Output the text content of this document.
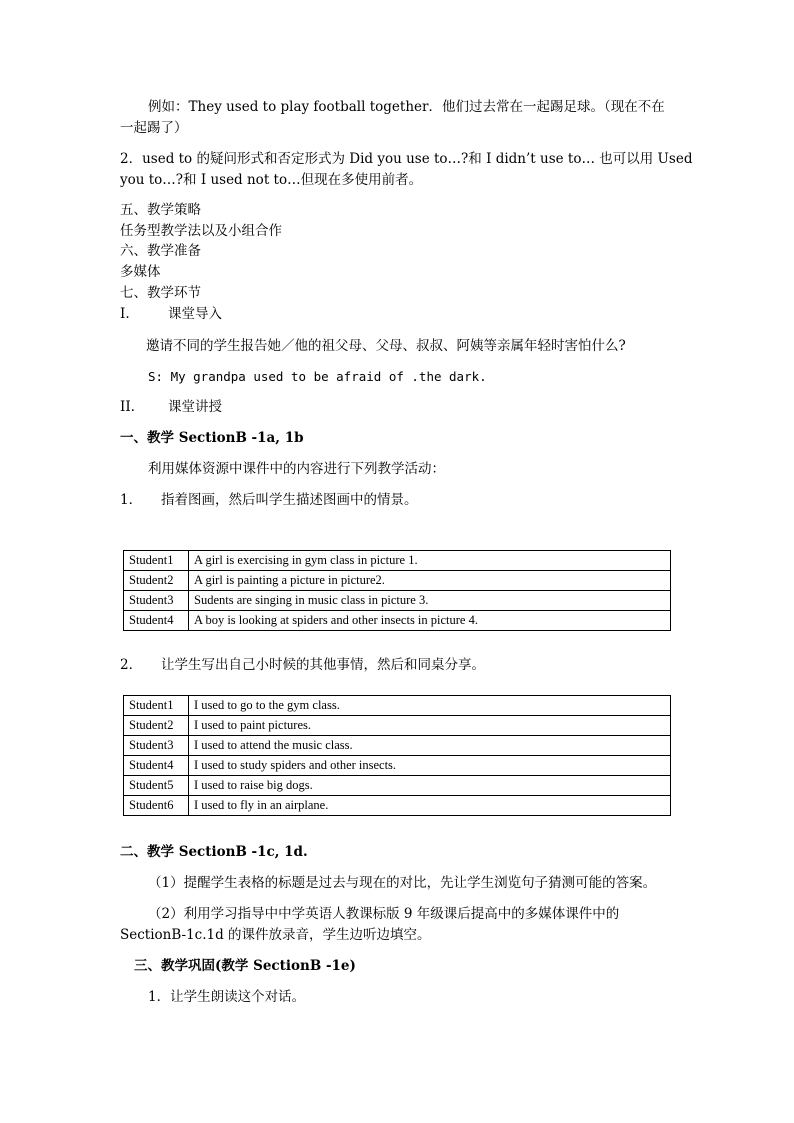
例如：They used to play football together．他们过去常在一起踢足球。（现在不在
一起踢了）
2．used to 的疑问形式和否定形式为 Did you use to…?和 I didn’t use to… 也可以用 Used
you to…?和 I used not to…但现在多使用前者。
五、教学策略
任务型教学法以及小组合作
六、教学准备
多媒体
七、教学环节
I.	课堂导入
邀请不同的学生报告她／他的祖父母、父母、叔叔、阿姨等亲属年轻时害怕什么?
S: My grandpa used to be afraid of .the dark.
II. 课堂讲授
一、教学 SectionB -1a, 1b
利用媒体资源中课件中的内容进行下列教学活动：
1． 指着图画，然后叫学生描述图画中的情景。
Student1	A girl is exercising in gym class in picture 1.
Student2	A girl is painting a picture in picture2.
Student3	Sudents are singing in music class in picture 3.
Student4	A boy is looking at spiders and other insects in picture 4.
2． 让学生写出自己小时候的其他事情，然后和同桌分享。
Student1	I used to go to the gym class.
Student2	I used to paint pictures.
Student3	I used to attend the music class.
Student4	I used to study spiders and other insects.
Student5	I used to raise big dogs.
Student6	I used to fly in an airplane.
二、教学 SectionB -1c, 1d.
（1）提醒学生表格的标题是过去与现在的对比，先让学生浏览句子猜测可能的答案。
（2）利用学习指导中中学英语人教课标版 9 年级课后提高中的多媒体课件中的
SectionB-1c.1d 的课件放录音，学生边听边填空。
三、教学巩固(教学 SectionB -1e)
1．让学生朗读这个对话。
